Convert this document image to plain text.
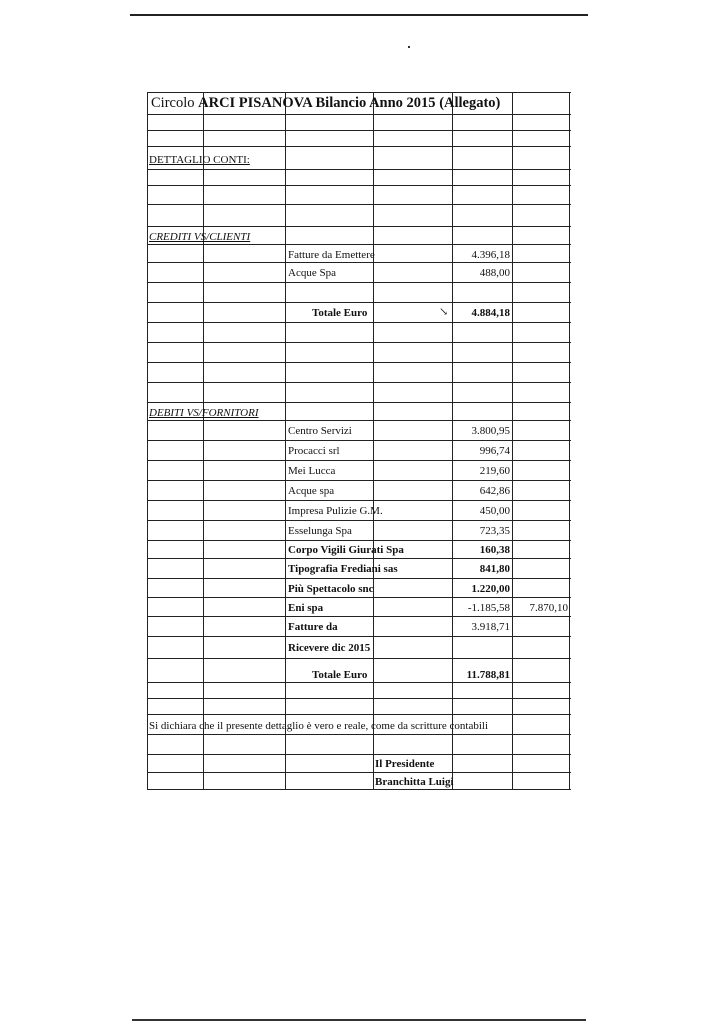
Circolo ARCI PISANOVA Bilancio Anno 2015 (Allegato)
DETTAGLIO CONTI:
CREDITI VS/CLIENTI
DEBITI VS/FORNITORI
Fatture da Emettere	4.396,18
Acque Spa	488,00
Totale Euro	↘	4.884,18
Centro Servizi	3.800,95
Procacci srl	996,74
Mei Lucca	219,60
Acque spa	642,86
Impresa Pulizie G.M.	450,00
Esselunga Spa	723,35
Corpo Vigili Giurati Spa	160,38
Tipografia Frediani sas	841,80
Più Spettacolo snc	1.220,00
Eni spa	-1.185,58	7.870,10
Fatture da	3.918,71
Ricevere dic 2015
Totale Euro	11.788,81
Si dichiara che il presente dettaglio è vero e reale, come da scritture contabili
Il Presidente
Branchitta Luigi
